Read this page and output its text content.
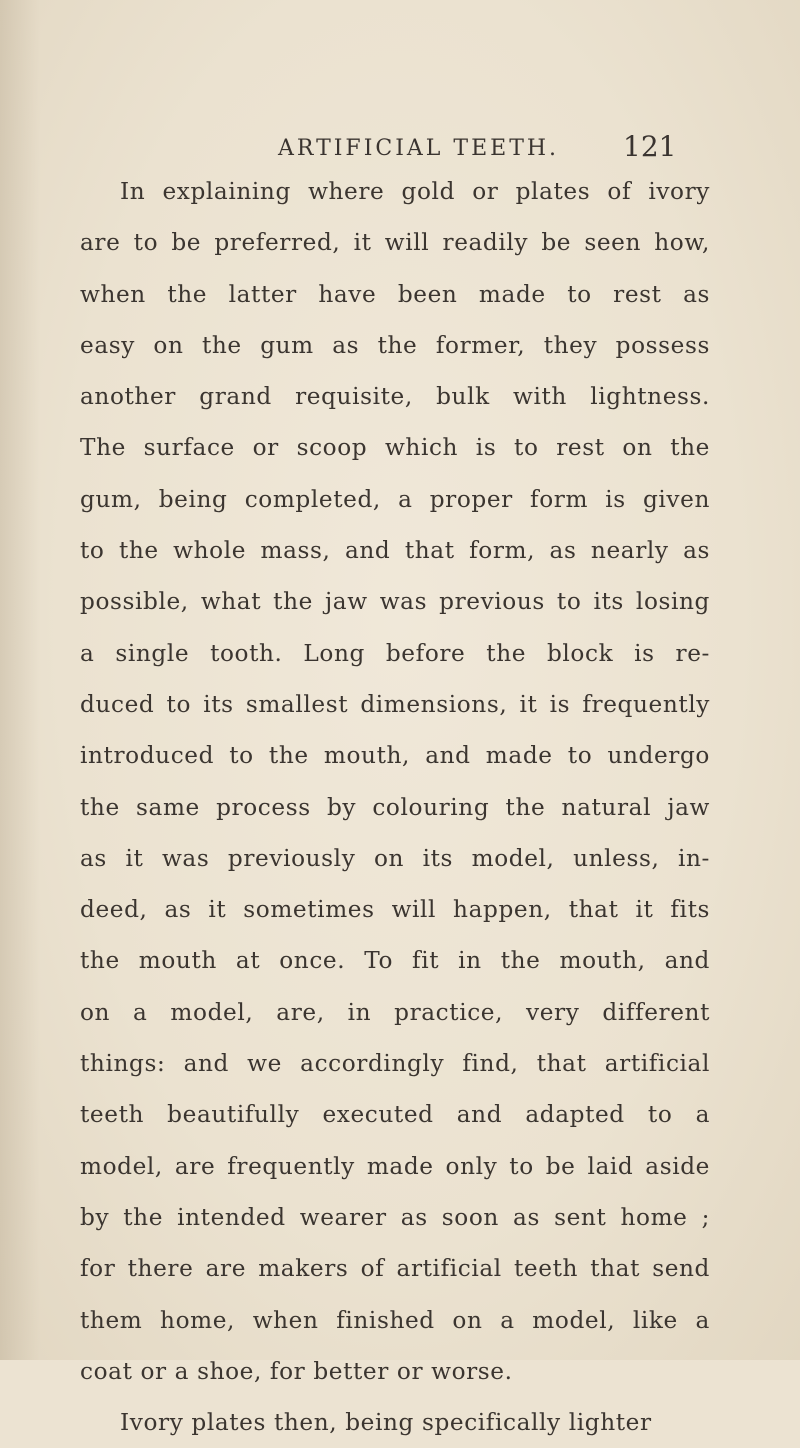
ARTIFICIAL TEETH. 121
In explaining where gold or plates of ivory
are to be preferred, it will readily be seen how,
when the latter have been made to rest as
easy on the gum as the former, they possess
another grand requisite, bulk with lightness.
The surface or scoop which is to rest on the
gum, being completed, a proper form is given
to the whole mass, and that form, as nearly as
possible, what the jaw was previous to its losing
a single tooth. Long before the block is re-
duced to its smallest dimensions, it is frequently
introduced to the mouth, and made to undergo
the same process by colouring the natural jaw
as it was previously on its model, unless, in-
deed, as it sometimes will happen, that it fits
the mouth at once. To fit in the mouth, and
on a model, are, in practice, very different
things: and we accordingly find, that artificial
teeth beautifully executed and adapted to a
model, are frequently made only to be laid aside
by the intended wearer as soon as sent home ;
for there are makers of artificial teeth that send
them home, when finished on a model, like a
coat or a shoe, for better or worse.
Ivory plates then, being specifically lighter
